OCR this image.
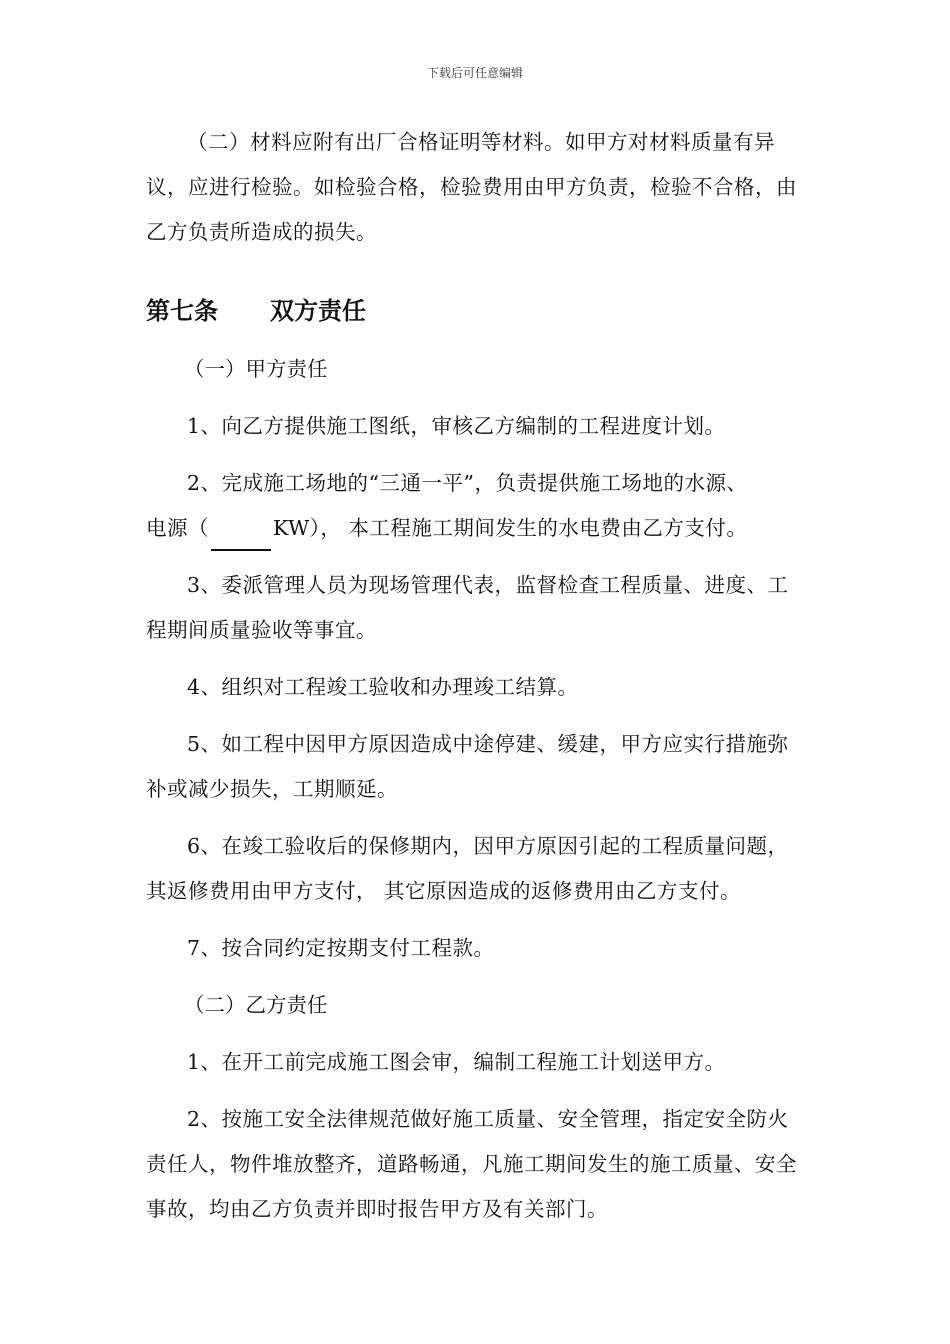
下载后可任意编辑

（二）材料应附有出厂合格证明等材料。如甲方对材料质量有异议，应进行检验。如检验合格，检验费用由甲方负责，检验不合格，由乙方负责所造成的损失。

第七条	双方责任

（一）甲方责任

1、向乙方提供施工图纸，审核乙方编制的工程进度计划。

2、完成施工场地的“三通一平”，负责提供施工场地的水源、

电源（	KW）， 本工程施工期间发生的水电费由乙方支付。

3、委派管理人员为现场管理代表，监督检查工程质量、进度、工程期间质量验收等事宜。

4、组织对工程竣工验收和办理竣工结算。

5、如工程中因甲方原因造成中途停建、缓建，甲方应实行措施弥补或减少损失，工期顺延。

6、在竣工验收后的保修期内，因甲方原因引起的工程质量问题，其返修费用由甲方支付， 其它原因造成的返修费用由乙方支付。

7、按合同约定按期支付工程款。

（二）乙方责任

1、在开工前完成施工图会审，编制工程施工计划送甲方。

2、按施工安全法律规范做好施工质量、安全管理，指定安全防火责任人，物件堆放整齐，道路畅通，凡施工期间发生的施工质量、安全事故，均由乙方负责并即时报告甲方及有关部门。
